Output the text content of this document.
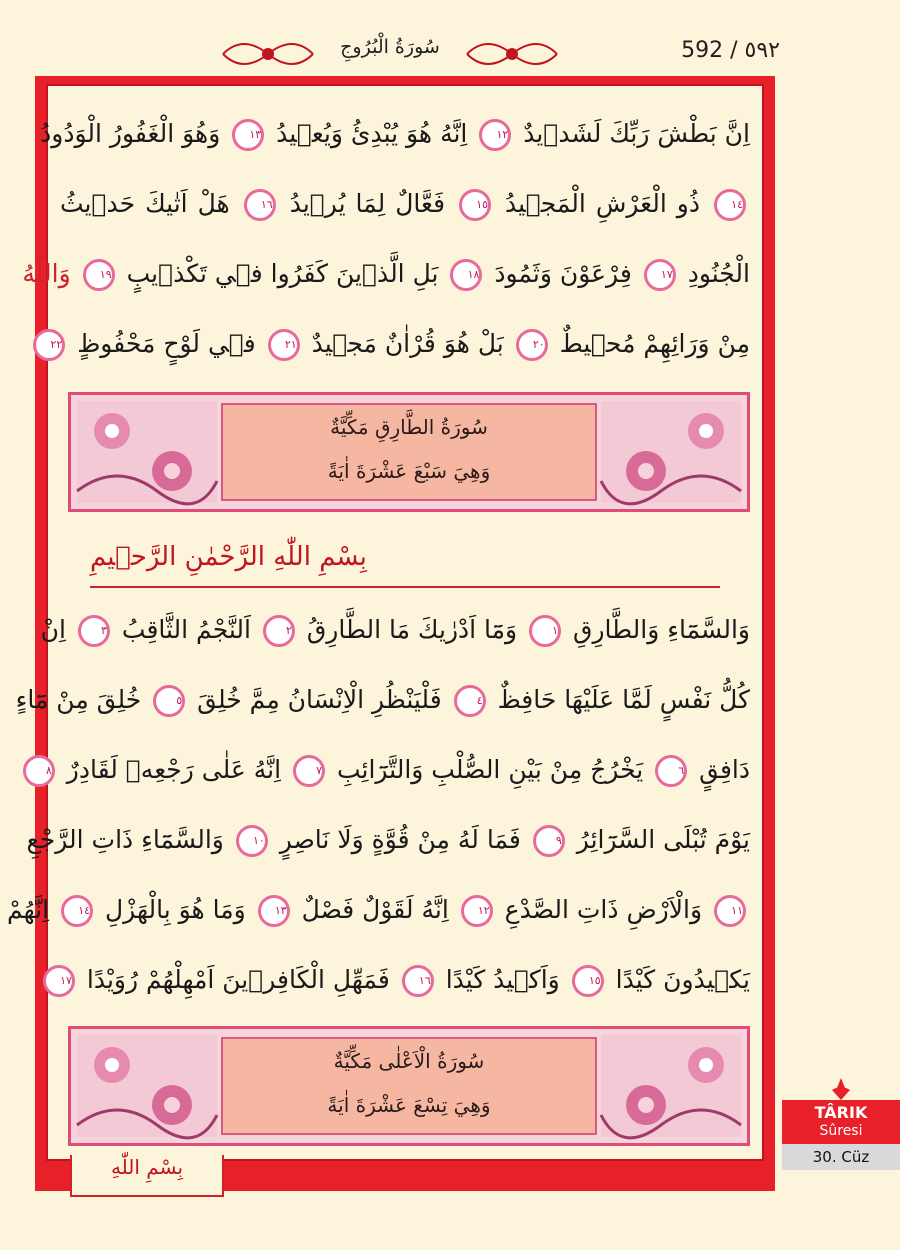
سُورَةُ الْبُرُوجِ	592 / ٥٩٢
اِنَّ بَطْشَ رَبِّكَ لَشَد۪يدٌ ١٢ اِنَّهُ هُوَ يُبْدِئُ وَيُع۪يدُ ١٣ وَهُوَ الْغَفُورُ الْوَدُودُ
١٤ ذُو الْعَرْشِ الْمَج۪يدُ ١٥ فَعَّالٌ لِمَا يُر۪يدُ ١٦ هَلْ اَتٰيكَ حَد۪يثُ
الْجُنُودِ ١٧ فِرْعَوْنَ وَثَمُودَ ١٨ بَلِ الَّذ۪ينَ كَفَرُوا ف۪ي تَكْذ۪يبٍ ١٩ وَاللّٰهُ
مِنْ وَرَائِهِمْ مُح۪يطٌ ٢٠ بَلْ هُوَ قُرْاٰنٌ مَج۪يدٌ ٢١ ف۪ي لَوْحٍ مَحْفُوظٍ ٢٢
سُورَةُ الطَّارِقِ مَكِّيَّةٌ
وَهِيَ سَبْعَ عَشْرَةَ اٰيَةً
بِسْمِ اللّٰهِ الرَّحْمٰنِ الرَّح۪يمِ
وَالسَّمَٓاءِ وَالطَّارِقِ ١ وَمَٓا اَدْرٰيكَ مَا الطَّارِقُ ٢ اَلنَّجْمُ الثَّاقِبُ ٣ اِنْ
كُلُّ نَفْسٍ لَمَّا عَلَيْهَا حَافِظٌ ٤ فَلْيَنْظُرِ الْاِنْسَانُ مِمَّ خُلِقَ ٥ خُلِقَ مِنْ مَٓاءٍ
دَافِقٍ ٦ يَخْرُجُ مِنْ بَيْنِ الصُّلْبِ وَالتَّرَٓائِبِ ٧ اِنَّهُ عَلٰى رَجْعِه۪ لَقَادِرٌ ٨
يَوْمَ تُبْلَى السَّرَٓائِرُ ٩ فَمَا لَهُ مِنْ قُوَّةٍ وَلَا نَاصِرٍ ١٠ وَالسَّمَٓاءِ ذَاتِ الرَّجْعِ
١١ وَالْاَرْضِ ذَاتِ الصَّدْعِ ١٢ اِنَّهُ لَقَوْلٌ فَصْلٌ ١٣ وَمَا هُوَ بِالْهَزْلِ ١٤ اِنَّهُمْ
يَك۪يدُونَ كَيْدًا ١٥ وَاَك۪يدُ كَيْدًا ١٦ فَمَهِّلِ الْكَافِر۪ينَ اَمْهِلْهُمْ رُوَيْدًا ١٧
سُورَةُ الْاَعْلٰى مَكِّيَّةٌ
وَهِيَ تِسْعَ عَشْرَةَ اٰيَةً
بِسْمِ اللّٰهِ
TÂRIK
Sûresi
30. Cüz
